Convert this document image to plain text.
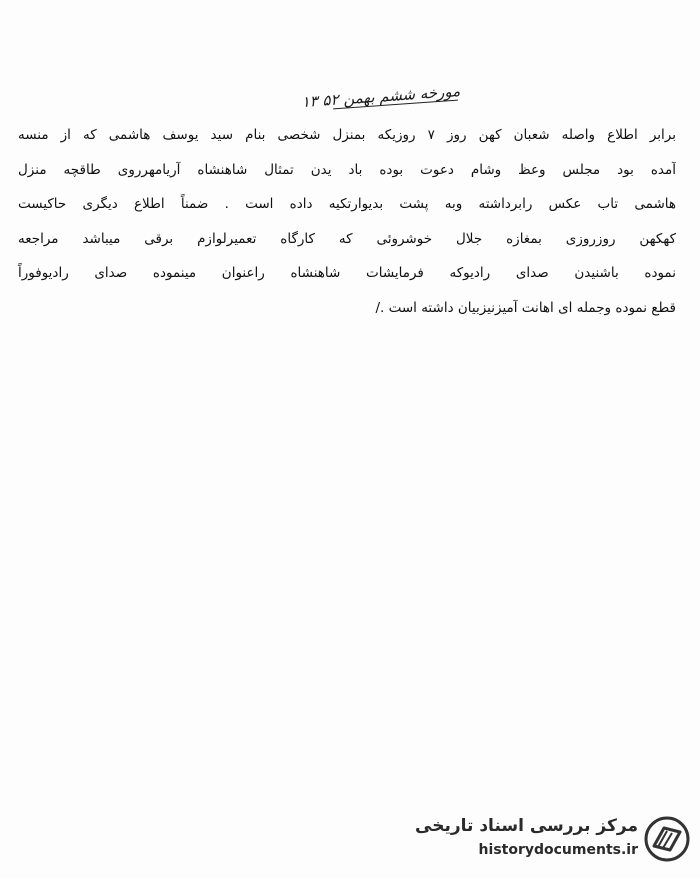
مورخه ششم بهمن ۵۲ ۱۳
برابر اطلاع واصله شعبان کهن روز ۷ روزیکه بمنزل شخصی بنام سید یوسف هاشمی که از منسه
آمده بود مجلس وعظ وشام دعوت بوده باد یدن تمثال شاهنشاه آریامهرروی طاقچه منزل
هاشمی تاب عکس رابرداشته وبه پشت بدیوارتکیه داده است . ضمناً اطلاع دیگری حاکیست
کهکهن روزروزی بمغازه جلال خوشروئی که کارگاه تعمیرلوازم برقی میباشد مراجعه
نموده باشنیدن صدای رادیوکه فرمایشات شاهنشاه راعنوان مینموده صدای رادیوفوراً
قطع نموده وجمله ای اهانت آمیزنیزبیان داشته است ./
مرکز بررسی اسناد تاریخی
historydocuments.ir
